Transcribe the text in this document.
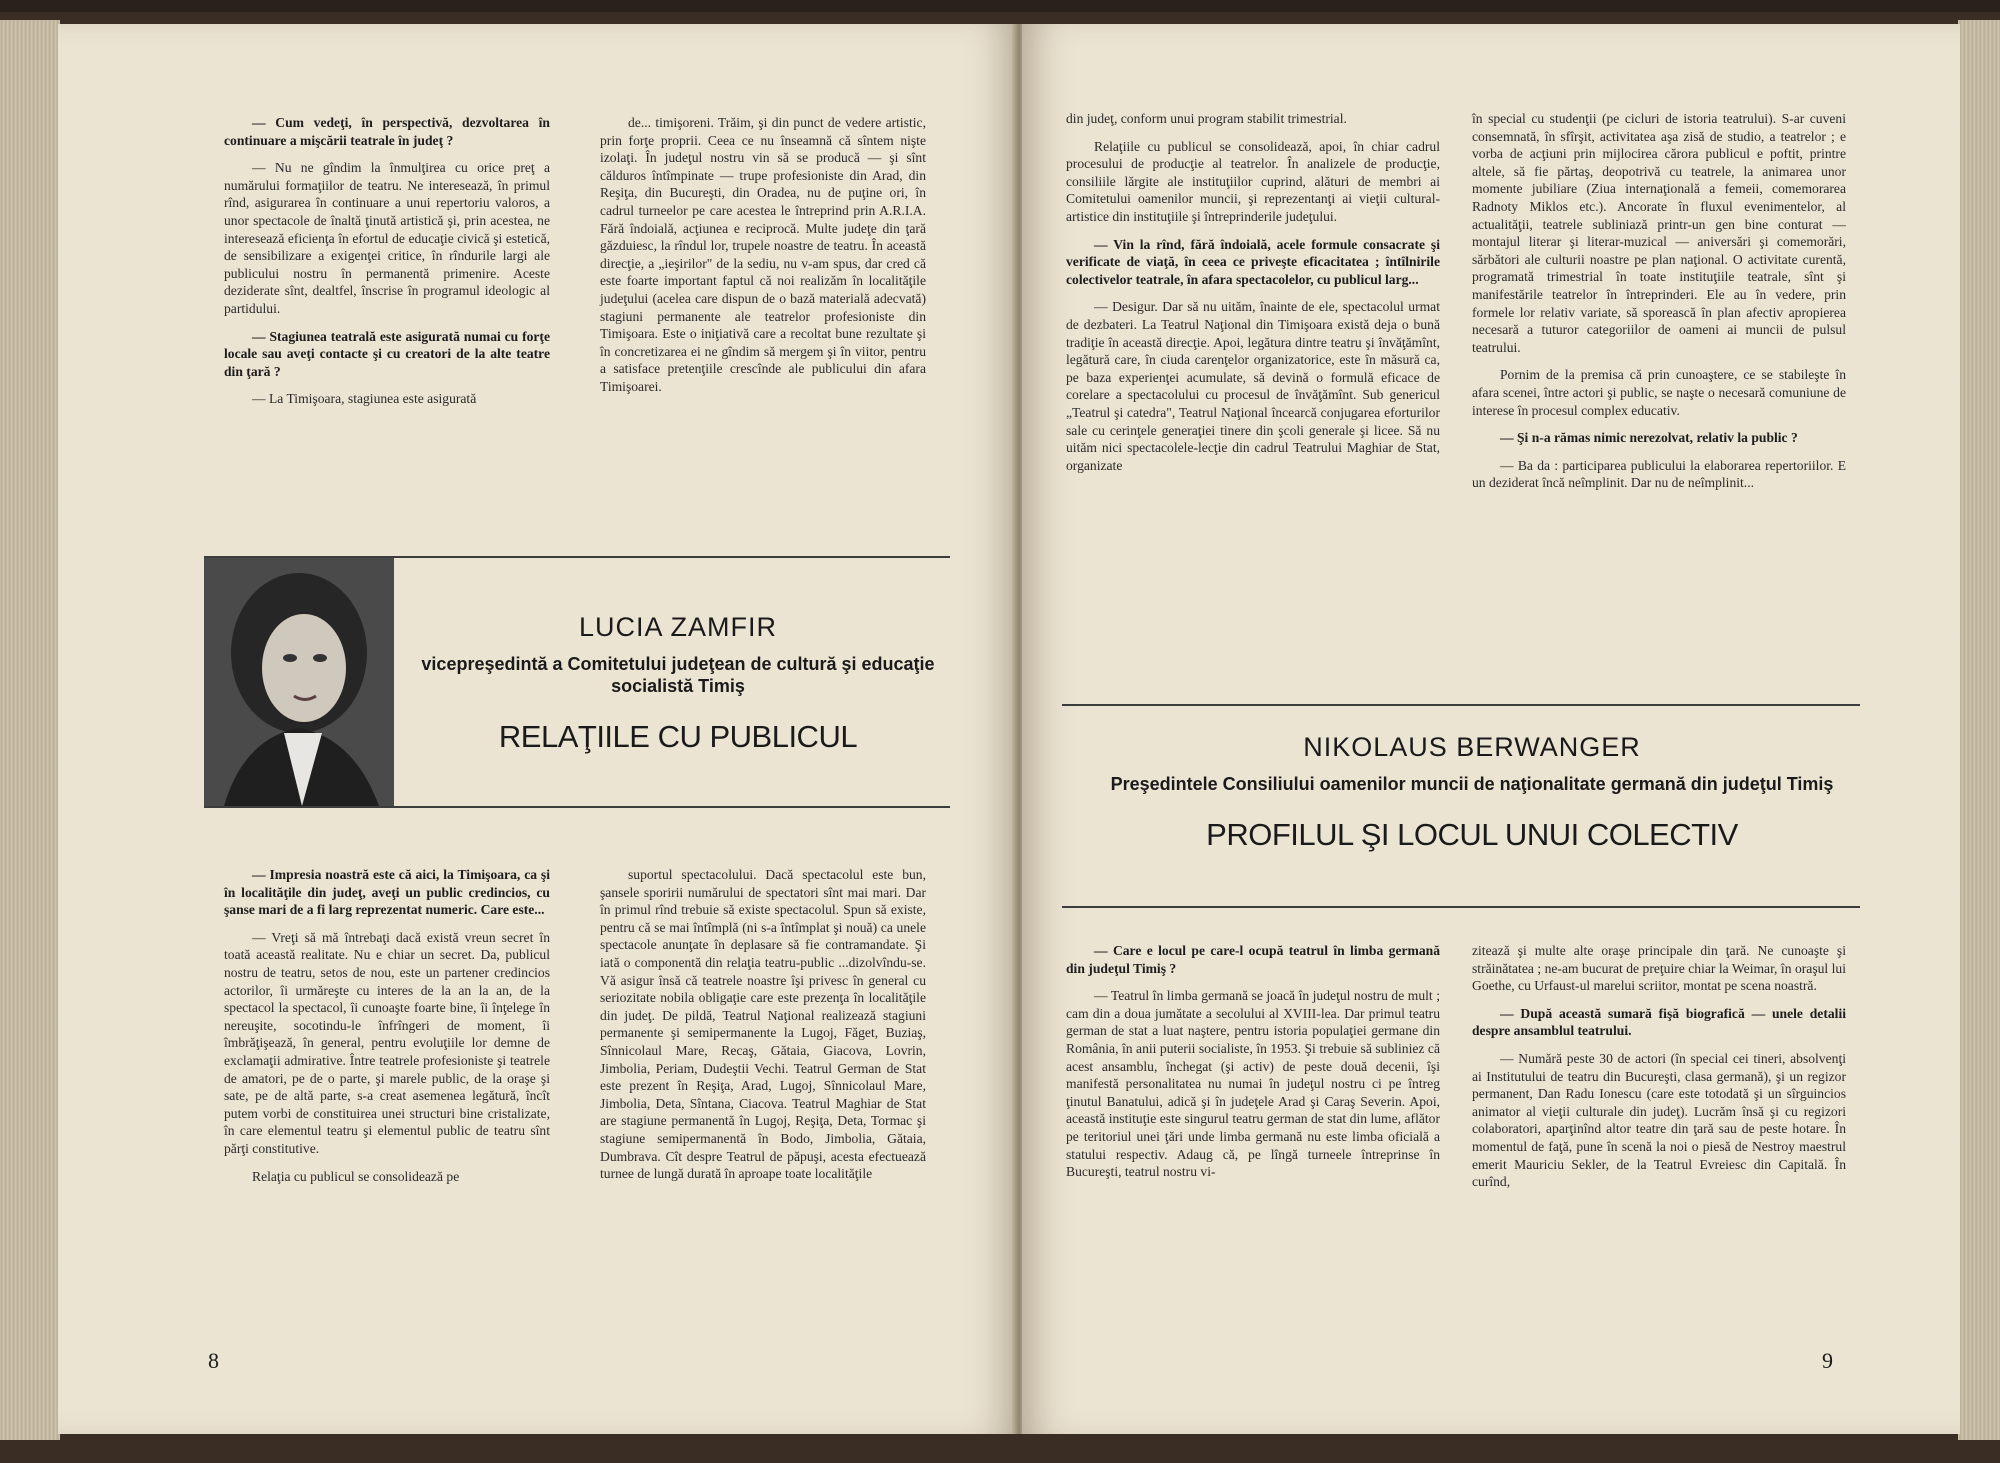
— Cum vedeţi, în perspectivă, dezvoltarea în continuare a mişcării teatrale în judeţ ?

— Nu ne gîndim la înmulţirea cu orice preţ a numărului formaţiilor de teatru. Ne interesează, în primul rînd, asigurarea în continuare a unui repertoriu valoros, a unor spectacole de înaltă ţinută artistică şi, prin acestea, ne interesează eficienţa în efortul de educaţie civică şi estetică, de sensibilizare a exigenţei critice, în rîndurile largi ale publicului nostru în permanentă primenire. Aceste deziderate sînt, dealtfel, înscrise în programul ideologic al partidului.

— Stagiunea teatrală este asigurată numai cu forţe locale sau aveţi contacte şi cu creatori de la alte teatre din ţară ?

— La Timişoara, stagiunea este asigurată

de... timişoreni. Trăim, şi din punct de vedere artistic, prin forţe proprii. Ceea ce nu înseamnă că sîntem nişte izolaţi. În judeţul nostru vin să se producă — şi sînt călduros întîmpinate — trupe profesioniste din Arad, din Reşiţa, din Bucureşti, din Oradea, nu de puţine ori, în cadrul turneelor pe care acestea le întreprind prin A.R.I.A. Fără îndoială, acţiunea e reciprocă. Multe judeţe din ţară găzduiesc, la rîndul lor, trupele noastre de teatru. În această direcţie, a „ieşirilor" de la sediu, nu v-am spus, dar cred că este foarte important faptul că noi realizăm în localităţile judeţului (acelea care dispun de o bază materială adecvată) stagiuni permanente ale teatrelor profesioniste din Timişoara. Este o iniţiativă care a recoltat bune rezultate şi în concretizarea ei ne gîndim să mergem şi în viitor, pentru a satisface pretenţiile crescînde ale publicului din afara Timişoarei.

LUCIA ZAMFIR
vicepreşedintă a Comitetului judeţean de cultură şi educaţie socialistă Timiş
RELAŢIILE CU PUBLICUL

— Impresia noastră este că aici, la Timişoara, ca şi în localităţile din judeţ, aveţi un public credincios, cu şanse mari de a fi larg reprezentat numeric. Care este...

— Vreţi să mă întrebaţi dacă există vreun secret în toată această realitate. Nu e chiar un secret. Da, publicul nostru de teatru, setos de nou, este un partener credincios actorilor, îi urmăreşte cu interes de la an la an, de la spectacol la spectacol, îi cunoaşte foarte bine, îi înţelege în nereuşite, socotindu-le înfrîngeri de moment, îi îmbrăţişează, în general, pentru evoluţiile lor demne de exclamaţii admirative. Între teatrele profesioniste şi teatrele de amatori, pe de o parte, şi marele public, de la oraşe şi sate, pe de altă parte, s-a creat asemenea legătură, încît putem vorbi de constituirea unei structuri bine cristalizate, în care elementul teatru şi elementul public de teatru sînt părţi constitutive.

Relaţia cu publicul se consolidează pe

suportul spectacolului. Dacă spectacolul este bun, şansele sporirii numărului de spectatori sînt mai mari. Dar în primul rînd trebuie să existe spectacolul. Spun să existe, pentru că se mai întîmplă (ni s-a întîmplat şi nouă) ca unele spectacole anunţate în deplasare să fie contramandate. Şi iată o componentă din relaţia teatru-public ...dizolvîndu-se. Vă asigur însă că teatrele noastre îşi privesc în general cu seriozitate nobila obligaţie care este prezenţa în localităţile din judeţ. De pildă, Teatrul Naţional realizează stagiuni permanente şi semipermanente la Lugoj, Făget, Buziaş, Sînnicolaul Mare, Recaş, Gătaia, Giacova, Lovrin, Jimbolia, Periam, Dudeştii Vechi. Teatrul German de Stat este prezent în Reşiţa, Arad, Lugoj, Sînnicolaul Mare, Jimbolia, Deta, Sîntana, Ciacova. Teatrul Maghiar de Stat are stagiune permanentă în Lugoj, Reşiţa, Deta, Tormac şi stagiune semipermanentă în Bodo, Jimbolia, Gătaia, Dumbrava. Cît despre Teatrul de păpuşi, acesta efectuează turnee de lungă durată în aproape toate localităţile

8

din judeţ, conform unui program stabilit trimestrial.

Relaţiile cu publicul se consolidează, apoi, în chiar cadrul procesului de producţie al teatrelor. În analizele de producţie, consiliile lărgite ale instituţiilor cuprind, alături de membri ai Comitetului oamenilor muncii, şi reprezentanţi ai vieţii cultural-artistice din instituţiile şi întreprinderile judeţului.

— Vin la rînd, fără îndoială, acele formule consacrate şi verificate de viaţă, în ceea ce priveşte eficacitatea ; întîlnirile colectivelor teatrale, în afara spectacolelor, cu publicul larg...

— Desigur. Dar să nu uităm, înainte de ele, spectacolul urmat de dezbateri. La Teatrul Naţional din Timişoara există deja o bună tradiţie în această direcţie. Apoi, legătura dintre teatru şi învăţămînt, legătură care, în ciuda carenţelor organizatorice, este în măsură ca, pe baza experienţei acumulate, să devină o formulă eficace de corelare a spectacolului cu procesul de învăţămînt. Sub genericul „Teatrul şi catedra", Teatrul Naţional încearcă conjugarea eforturilor sale cu cerinţele generaţiei tinere din şcoli generale şi licee. Să nu uităm nici spectacolele-lecţie din cadrul Teatrului Maghiar de Stat, organizate

în special cu studenţii (pe cicluri de istoria teatrului). S-ar cuveni consemnată, în sfîrşit, activitatea aşa zisă de studio, a teatrelor ; e vorba de acţiuni prin mijlocirea cărora publicul e poftit, printre altele, să fie părtaş, deopotrivă cu teatrele, la animarea unor momente jubiliare (Ziua internaţională a femeii, comemorarea Radnoty Miklos etc.). Ancorate în fluxul evenimentelor, al actualităţii, teatrele subliniază printr-un gen bine conturat — montajul literar şi literar-muzical — aniversări şi comemorări, sărbători ale culturii noastre pe plan naţional. O activitate curentă, programată trimestrial în toate instituţiile teatrale, sînt şi manifestările teatrelor în întreprinderi. Ele au în vedere, prin formele lor relativ variate, să sporească în plan afectiv apropierea necesară a tuturor categoriilor de oameni ai muncii de pulsul teatrului.

Pornim de la premisa că prin cunoaştere, ce se stabileşte în afara scenei, între actori şi public, se naşte o necesară comuniune de interese în procesul complex educativ.

— Şi n-a rămas nimic nerezolvat, relativ la public ?

— Ba da : participarea publicului la elaborarea repertoriilor. E un deziderat încă neîmplinit. Dar nu de neîmplinit...

NIKOLAUS BERWANGER
Preşedintele Consiliului oamenilor muncii de naţionalitate germană din judeţul Timiş
PROFILUL ŞI LOCUL UNUI COLECTIV

— Care e locul pe care-l ocupă teatrul în limba germană din judeţul Timiş ?

— Teatrul în limba germană se joacă în judeţul nostru de mult ; cam din a doua jumătate a secolului al XVIII-lea. Dar primul teatru german de stat a luat naştere, pentru istoria populaţiei germane din România, în anii puterii socialiste, în 1953. Şi trebuie să subliniez că acest ansamblu, închegat (şi activ) de peste două decenii, îşi manifestă personalitatea nu numai în judeţul nostru ci pe întreg ţinutul Banatului, adică şi în judeţele Arad şi Caraş Severin. Apoi, această instituţie este singurul teatru german de stat din lume, aflător pe teritoriul unei ţări unde limba germană nu este limba oficială a statului respectiv. Adaug că, pe lîngă turneele întreprinse în Bucureşti, teatrul nostru vi-

zitează şi multe alte oraşe principale din ţară. Ne cunoaşte şi străinătatea ; ne-am bucurat de preţuire chiar la Weimar, în oraşul lui Goethe, cu Urfaust-ul marelui scriitor, montat pe scena noastră.

— După această sumară fişă biografică — unele detalii despre ansamblul teatrului.

— Numără peste 30 de actori (în special cei tineri, absolvenţi ai Institutului de teatru din Bucureşti, clasa germană), şi un regizor permanent, Dan Radu Ionescu (care este totodată şi un sîrguincios animator al vieţii culturale din judeţ). Lucrăm însă şi cu regizori colaboratori, aparţinînd altor teatre din ţară sau de peste hotare. În momentul de faţă, pune în scenă la noi o piesă de Nestroy maestrul emerit Mauriciu Sekler, de la Teatrul Evreiesc din Capitală. În curînd,

9
